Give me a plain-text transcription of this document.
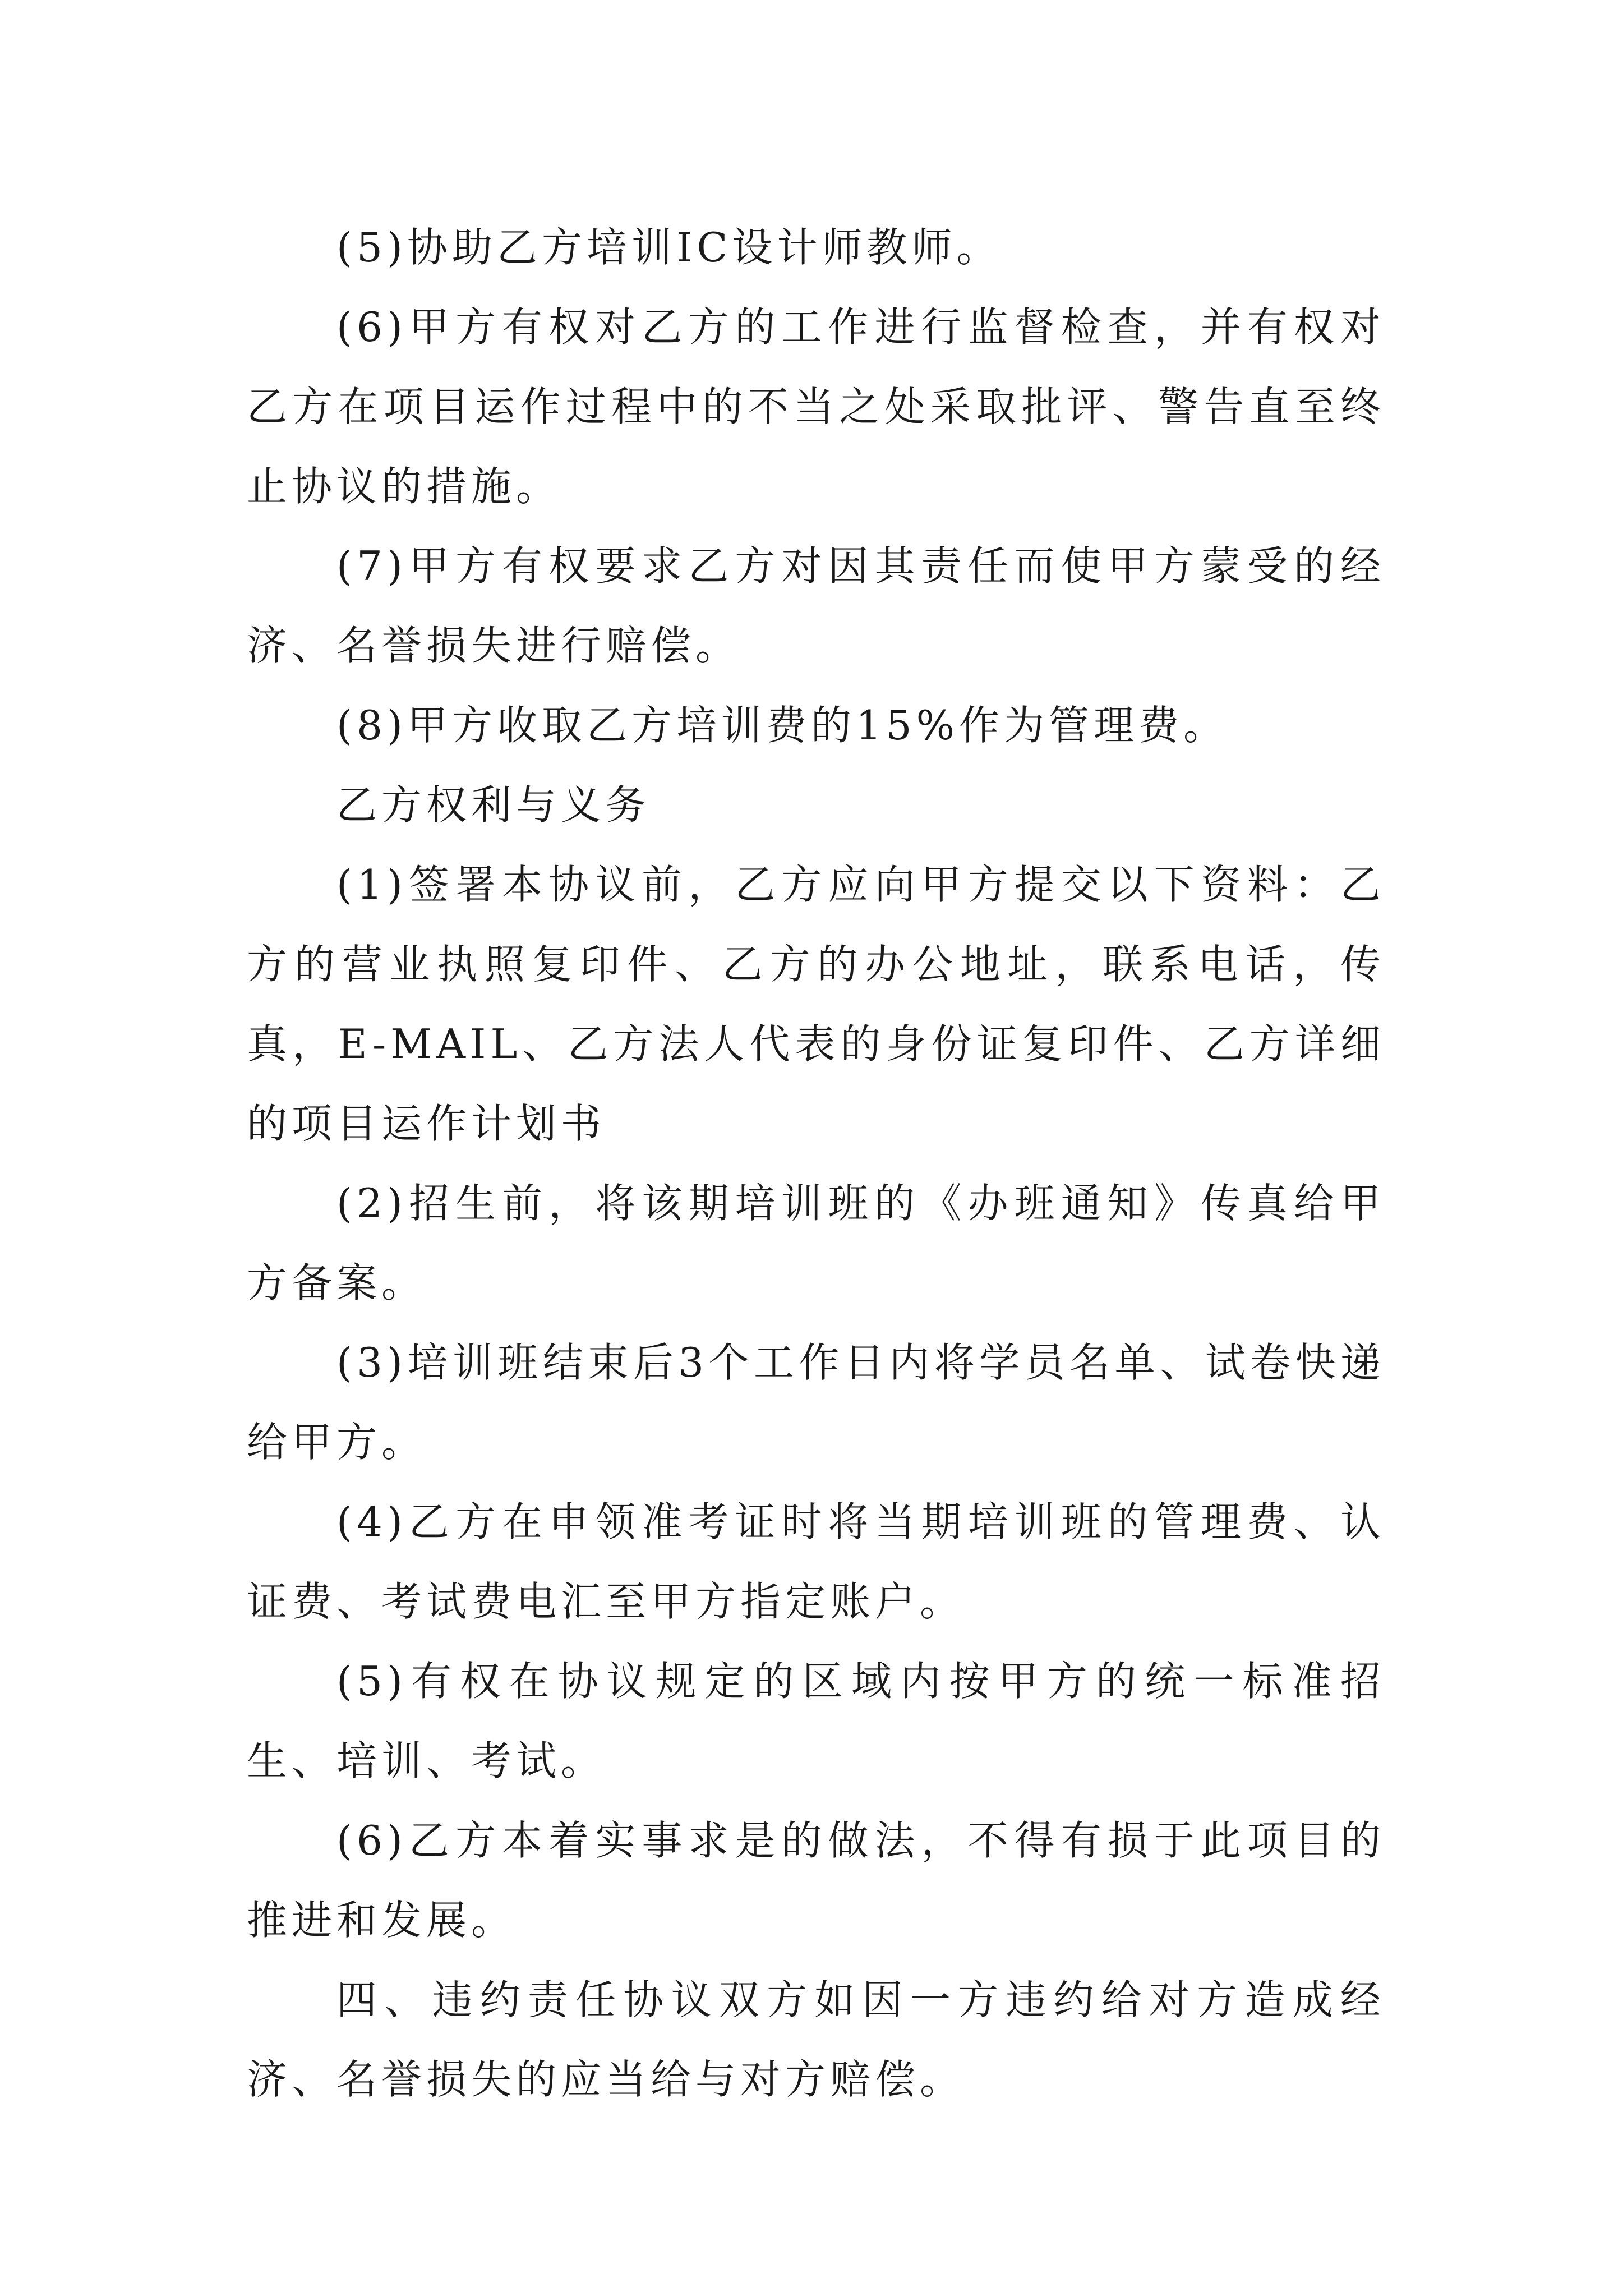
(5)协助乙方培训IC设计师教师。

(6)甲方有权对乙方的工作进行监督检查，并有权对乙方在项目运作过程中的不当之处采取批评、警告直至终止协议的措施。

(7)甲方有权要求乙方对因其责任而使甲方蒙受的经济、名誉损失进行赔偿。

(8)甲方收取乙方培训费的15%作为管理费。

乙方权利与义务

(1)签署本协议前，乙方应向甲方提交以下资料：乙方的营业执照复印件、乙方的办公地址，联系电话，传真，E-MAIL、乙方法人代表的身份证复印件、乙方详细的项目运作计划书

(2)招生前，将该期培训班的《办班通知》传真给甲方备案。

(3)培训班结束后3个工作日内将学员名单、试卷快递给甲方。

(4)乙方在申领准考证时将当期培训班的管理费、认证费、考试费电汇至甲方指定账户。

(5)有权在协议规定的区域内按甲方的统一标准招生、培训、考试。

(6)乙方本着实事求是的做法，不得有损于此项目的推进和发展。

四、违约责任协议双方如因一方违约给对方造成经济、名誉损失的应当给与对方赔偿。
